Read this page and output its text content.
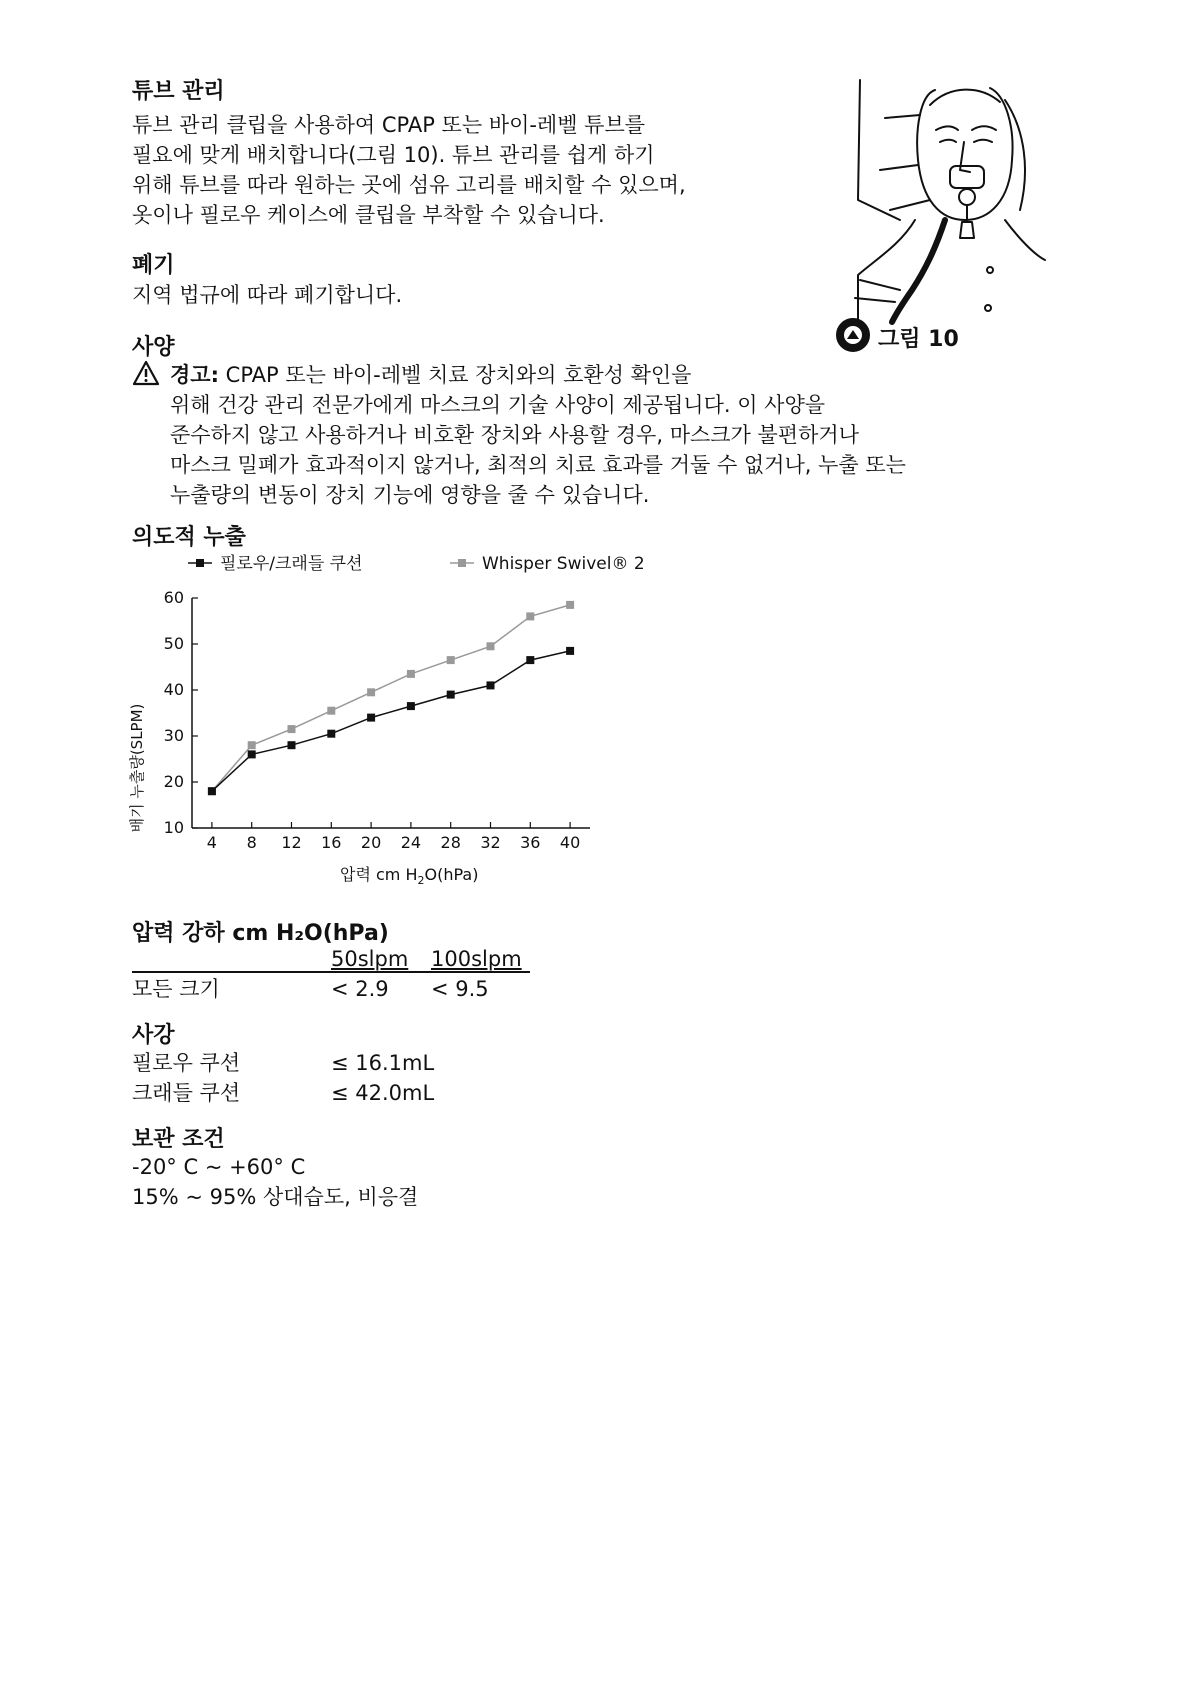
튜브 관리
튜브 관리 클립을 사용하여 CPAP 또는 바이-레벨 튜브를
필요에 맞게 배치합니다(그림 10). 튜브 관리를 쉽게 하기
위해 튜브를 따라 원하는 곳에 섬유 고리를 배치할 수 있으며,
옷이나 필로우 케이스에 클립을 부착할 수 있습니다.
그림 10
폐기
지역 법규에 따라 폐기합니다.
사양
경고: CPAP 또는 바이-레벨 치료 장치와의 호환성 확인을
위해 건강 관리 전문가에게 마스크의 기술 사양이 제공됩니다. 이 사양을
준수하지 않고 사용하거나 비호환 장치와 사용할 경우, 마스크가 불편하거나
마스크 밀폐가 효과적이지 않거나, 최적의 치료 효과를 거둘 수 없거나, 누출 또는
누출량의 변동이 장치 기능에 영향을 줄 수 있습니다.
의도적 누출
필로우/크래들 쿠션	Whisper Swivel® 2
배기 누출량(SLPM) 10
20
30
40
50
60
4 8 12 16 20 24 28 32 36 40
압력 cm $H_2O(hPa)$
압력 강하 cm H₂O(hPa)
50slpm 100slpm
모든 크기	< 2.9 < 9.5
사강
필로우 쿠션	≤ 16.1mL
크래들 쿠션	≤ 42.0mL
보관 조건
-20° C ~ +60° C
15% ~ 95% 상대습도, 비응결
